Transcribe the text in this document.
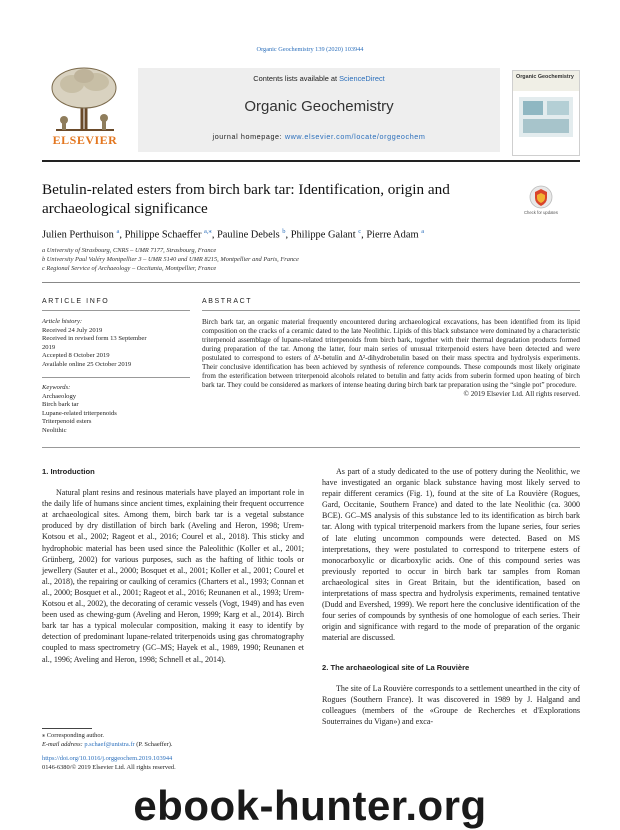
Organic Geochemistry 139 (2020) 103944
ELSEVIER
Contents lists available at ScienceDirect
Organic Geochemistry
journal homepage: www.elsevier.com/locate/orggeochem
Organic Geochemistry
Betulin-related esters from birch bark tar: Identification, origin and archaeological significance	Check for updates
Julien Perthuison $^a$, Philippe Schaeffer $^{a,⁎}$, Pauline Debels $^b$, Philippe Galant $^c$, Pierre Adam $^a$
a University of Strasbourg, CNRS – UMR 7177, Strasbourg, France
b University Paul Valéry Montpellier 3 – UMR 5140 and UMR 8215, Montpellier and Paris, France
c Regional Service of Archaeology – Occitania, Montpellier, France
ARTICLE INFO	ABSTRACT
Article history:
Received 24 July 2019
Received in revised form 13 September
2019
Accepted 8 October 2019
Available online 25 October 2019
Keywords:
Archaeology
Birch bark tar
Lupane-related triterpenoids
Triterpenoid esters
Neolithic
Birch bark tar, an organic material frequently encountered during archaeological excavations, has been identified from its lipid composition on the cracks of a ceramic dated to the late Neolithic. Lipids of this black substance were dominated by a characteristic triterpenoid assemblage of lupane-related triterpenoids from birch bark, together with their thermal degradation products formed during preparation of the tar. Among the latter, four main series of unusual triterpenoid esters have been detected and were postulated to correspond to esters of Δ²-betulin and Δ²-dihydrobetulin based on their mass spectra and hydrolysis experiments. Their conclusive identification has been achieved by synthesis of reference compounds. These compounds most likely originate from the esterification between triterpenoid alcohols related to betulin and fatty acids from suberin formed upon heating of birch bark tar. They could be considered as markers of intense heating during birch bark tar preparation using the “single pot” procedure.
© 2019 Elsevier Ltd. All rights reserved.
1. Introduction

Natural plant resins and resinous materials have played an important role in the daily life of humans since ancient times, explaining their frequent occurrence at archaeological sites. Among them, birch bark tar is a vegetal substance produced by dry distillation of birch bark (Aveling and Heron, 1998; Urem-Kotsou et al., 2002; Rageot et al., 2016; Courel et al., 2018). This sticky and hydrophobic material has been used since the Paleolithic (Koller et al., 2001; Grünberg, 2002) for various purposes, such as the hafting of lithic tools or jewellery (Sauter et al., 2000; Bosquet et al., 2001; Koller et al., 2001; Courel et al., 2018), the repairing or caulking of ceramics (Charters et al., 1993; Connan et al., 2000; Bosquet et al., 2001; Rageot et al., 2016; Reunanen et al., 1993; Urem-Kotsou et al., 2002), the decorating of ceramic vessels (Vogt, 1949) and has even been used as chewing-gum (Aveling and Heron, 1999; Karg et al., 2014). Birch bark tar has a typical molecular composition, making it easy to identify by detection of predominant lupane-related triterpenoids using gas chromatography coupled to mass spectrometry (GC–MS; Hayek et al., 1989, 1990; Reunanen et al., 1996; Aveling and Heron, 1998; Schnell et al., 2014).

As part of a study dedicated to the use of pottery during the Neolithic, we have investigated an organic black substance having most likely served to repair different ceramics (Fig. 1), found at the site of La Rouvière (Rogues, Gard, Occitanie, Southern France) and dated to the late Neolithic (ca. 3000 BCE). GC–MS analysis of this substance led to its identification as birch bark tar. Along with typical triterpenoid markers from the lupane series, four series of late eluting uncommon compounds were detected. Based on MS interpretations, they were postulated to correspond to triterpene esters of monocarboxylic or dicarboxylic acids. One of this compound series was previously reported to occur in birch bark tar samples from Roman archaeological sites in Great Britain, but the identification, based on interpretations of mass spectra and hydrolysis experiments, remained tentative (Dudd and Evershed, 1999). We report here the conclusive identification of the four series of compounds by synthesis of one homologue of each series. Their origin and significance with regard to the mode of preparation of the organic material are discussed.

2. The archaeological site of La Rouvière

The site of La Rouvière corresponds to a settlement unearthed in the city of Rogues (Southern France). It was discovered in 1989 by J. Halgand and colleagues (members of the «Groupe de Recherches et d'Explorations Souterraines du Vigan») and exca-

⁎ Corresponding author.
E-mail address: p.schaef@unistra.fr (P. Schaeffer).
https://doi.org/10.1016/j.orggeochem.2019.103944
0146-6380/© 2019 Elsevier Ltd. All rights reserved.
ebook-hunter.org
